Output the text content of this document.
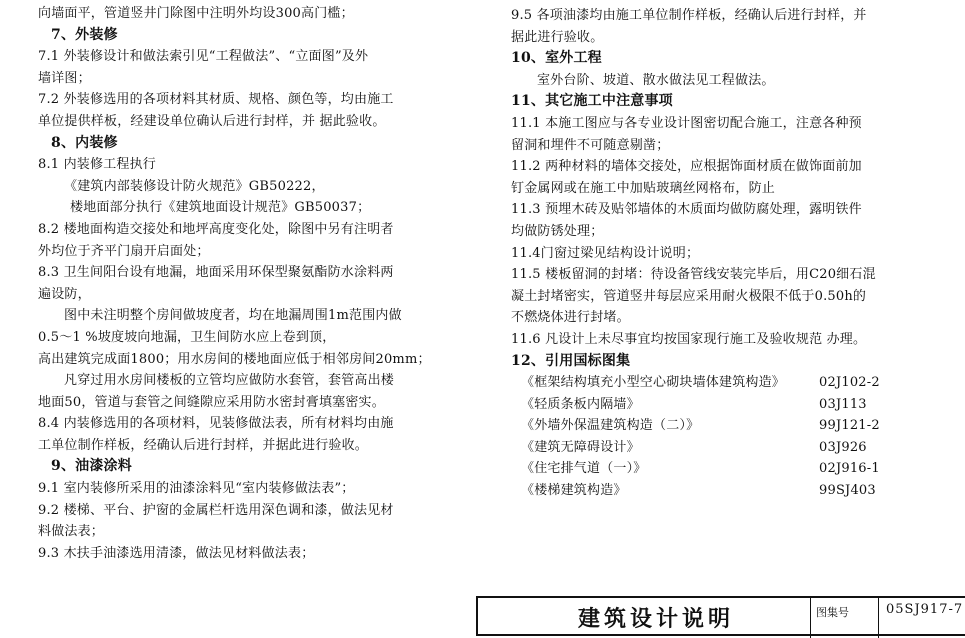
向墙面平，管道竖井门除图中注明外均设300高门槛；
7、外装修
7.1 外装修设计和做法索引见“工程做法”、“立面图”及外
墙详图；
7.2 外装修选用的各项材料其材质、规格、颜色等，均由施工
单位提供样板，经建设单位确认后进行封样，并 据此验收。
8、内装修
8.1 内装修工程执行
《建筑内部装修设计防火规范》GB50222，
楼地面部分执行《建筑地面设计规范》GB50037；
8.2 楼地面构造交接处和地坪高度变化处，除图中另有注明者
外均位于齐平门扇开启面处；
8.3 卫生间阳台设有地漏，地面采用环保型聚氨酯防水涂料两
遍设防，
图中未注明整个房间做坡度者，均在地漏周围1m范围内做
0.5～1 %坡度坡向地漏，卫生间防水应上卷到顶，
高出建筑完成面1800；用水房间的楼地面应低于相邻房间20mm；
凡穿过用水房间楼板的立管均应做防水套管，套管高出楼
地面50，管道与套管之间缝隙应采用防水密封膏填塞密实。
8.4 内装修选用的各项材料，见装修做法表，所有材料均由施
工单位制作样板，经确认后进行封样，并据此进行验收。
9、油漆涂料
9.1 室内装修所采用的油漆涂料见“室内装修做法表”；
9.2 楼梯、平台、护窗的金属栏杆选用深色调和漆，做法见材
料做法表；
9.3 木扶手油漆选用清漆，做法见材料做法表；
9.5 各项油漆均由施工单位制作样板，经确认后进行封样，并
据此进行验收。
10、室外工程
室外台阶、坡道、散水做法见工程做法。
11、其它施工中注意事项
11.1 本施工图应与各专业设计图密切配合施工，注意各种预
留洞和埋件不可随意剔凿；
11.2 两种材料的墙体交接处，应根据饰面材质在做饰面前加
钉金属网或在施工中加贴玻璃丝网格布，防止
11.3 预埋木砖及贴邻墙体的木质面均做防腐处理，露明铁件
均做防锈处理；
11.4门窗过梁见结构设计说明；
11.5 楼板留洞的封堵：待设备管线安装完毕后，用C20细石混
凝土封堵密实，管道竖井每层应采用耐火极限不低于0.50h的
不燃烧体进行封堵。
11.6 凡设计上未尽事宜均按国家现行施工及验收规范 办理。
12、引用国标图集
《框架结构填充小型空心砌块墙体建筑构造》	02J102-2
《轻质条板内隔墙》	03J113
《外墙外保温建筑构造（二）》	99J121-2
《建筑无障碍设计》	03J926
《住宅排气道（一）》	02J916-1
《楼梯建筑构造》	99SJ403
建筑设计说明	图集号	05SJ917-7
